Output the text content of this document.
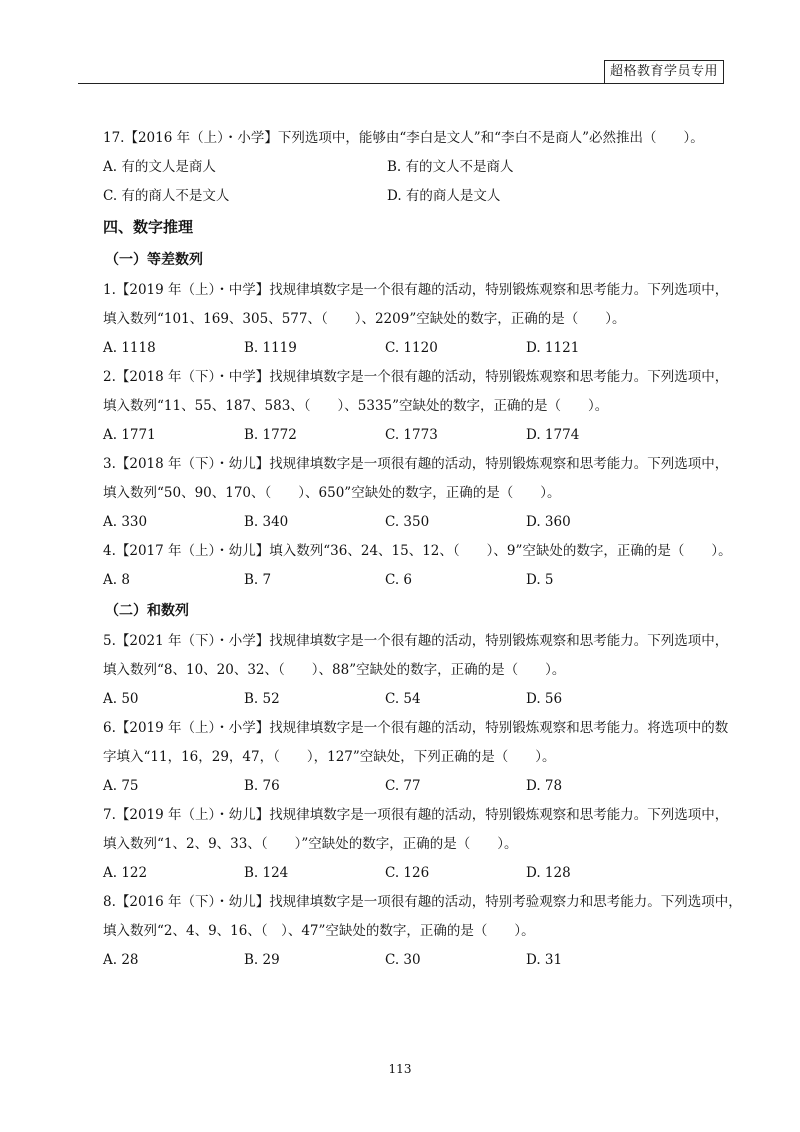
超格教育学员专用
17.【2016 年（上）・小学】下列选项中，能够由“李白是文人”和“李白不是商人”必然推出（　　）。
A. 有的文人是商人	B. 有的文人不是商人
C. 有的商人不是文人	D. 有的商人是文人
四、数字推理
（一）等差数列
1.【2019 年（上）・中学】找规律填数字是一个很有趣的活动，特别锻炼观察和思考能力。下列选项中，
填入数列“101、169、305、577、（　　）、2209”空缺处的数字，正确的是（　　）。
A. 1118	B. 1119	C. 1120	D. 1121
2.【2018 年（下）・中学】找规律填数字是一个很有趣的活动，特别锻炼观察和思考能力。下列选项中，
填入数列“11、55、187、583、（　　）、5335”空缺处的数字，正确的是（　　）。
A. 1771	B. 1772	C. 1773	D. 1774
3.【2018 年（下）・幼儿】找规律填数字是一项很有趣的活动，特别锻炼观察和思考能力。下列选项中，
填入数列“50、90、170、（　　）、650”空缺处的数字，正确的是（　　）。
A. 330	B. 340	C. 350	D. 360
4.【2017 年（上）・幼儿】填入数列“36、24、15、12、（　　）、9”空缺处的数字，正确的是（　　）。
A. 8	B. 7	C. 6	D. 5
（二）和数列
5.【2021 年（下）・小学】找规律填数字是一个很有趣的活动，特别锻炼观察和思考能力。下列选项中，
填入数列“8、10、20、32、（　　）、88”空缺处的数字，正确的是（　　）。
A. 50	B. 52	C. 54	D. 56
6.【2019 年（上）・小学】找规律填数字是一个很有趣的活动，特别锻炼观察和思考能力。将选项中的数
字填入“11，16，29，47，（　　），127”空缺处，下列正确的是（　　）。
A. 75	B. 76	C. 77	D. 78
7.【2019 年（上）・幼儿】找规律填数字是一项很有趣的活动，特别锻炼观察和思考能力。下列选项中，
填入数列“1、2、9、33、（　　）”空缺处的数字，正确的是（　　）。
A. 122	B. 124	C. 126	D. 128
8.【2016 年（下）・幼儿】找规律填数字是一项很有趣的活动，特别考验观察力和思考能力。下列选项中，
填入数列“2、4、9、16、（　）、47”空缺处的数字，正确的是（　　）。
A. 28	B. 29	C. 30	D. 31
113
